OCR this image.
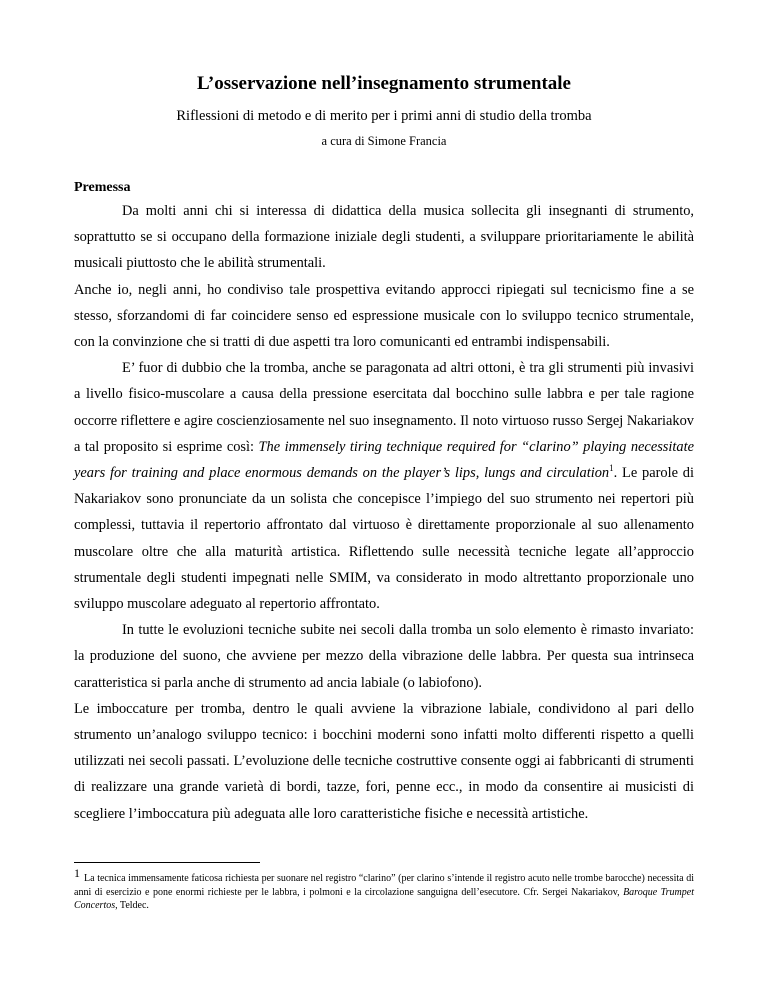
L’osservazione nell’insegnamento strumentale
Riflessioni di metodo e di merito per i primi anni di studio della tromba
a cura di Simone Francia
Premessa

Da molti anni chi si interessa di didattica della musica sollecita gli insegnanti di strumento, soprattutto se si occupano della formazione iniziale degli studenti, a sviluppare prioritariamente le abilità musicali piuttosto che le abilità strumentali.

Anche io, negli anni, ho condiviso tale prospettiva evitando approcci ripiegati sul tecnicismo fine a se stesso, sforzandomi di far coincidere senso ed espressione musicale con lo sviluppo tecnico strumentale, con la convinzione che si tratti di due aspetti tra loro comunicanti ed entrambi indispensabili.

E’ fuor di dubbio che la tromba, anche se paragonata ad altri ottoni, è tra gli strumenti più invasivi a livello fisico-muscolare a causa della pressione esercitata dal bocchino sulle labbra e per tale ragione occorre riflettere e agire coscienziosamente nel suo insegnamento. Il noto virtuoso russo Sergej Nakariakov a tal proposito si esprime così: The immensely tiring technique required for “clarino” playing necessitate years for training and place enormous demands on the player’s lips, lungs and circulation$^1$. Le parole di Nakariakov sono pronunciate da un solista che concepisce l’impiego del suo strumento nei repertori più complessi, tuttavia il repertorio affrontato dal virtuoso è direttamente proporzionale al suo allenamento muscolare oltre che alla maturità artistica. Riflettendo sulle necessità tecniche legate all’approccio strumentale degli studenti impegnati nelle SMIM, va considerato in modo altrettanto proporzionale uno sviluppo muscolare adeguato al repertorio affrontato.

In tutte le evoluzioni tecniche subite nei secoli dalla tromba un solo elemento è rimasto invariato: la produzione del suono, che avviene per mezzo della vibrazione delle labbra. Per questa sua intrinseca caratteristica si parla anche di strumento ad ancia labiale (o labiofono).

Le imboccature per tromba, dentro le quali avviene la vibrazione labiale, condividono al pari dello strumento un’analogo sviluppo tecnico: i bocchini moderni sono infatti molto differenti rispetto a quelli utilizzati nei secoli passati. L’evoluzione delle tecniche costruttive consente oggi ai fabbricanti di strumenti di realizzare una grande varietà di bordi, tazze, fori, penne ecc., in modo da consentire ai musicisti di scegliere l’imboccatura più adeguata alle loro caratteristiche fisiche e necessità artistiche.

1 La tecnica immensamente faticosa richiesta per suonare nel registro “clarino” (per clarino s’intende il registro acuto nelle trombe barocche) necessita di anni di esercizio e pone enormi richieste per le labbra, i polmoni e la circolazione sanguigna dell’esecutore. Cfr. Sergei Nakariakov, Baroque Trumpet Concertos, Teldec.
